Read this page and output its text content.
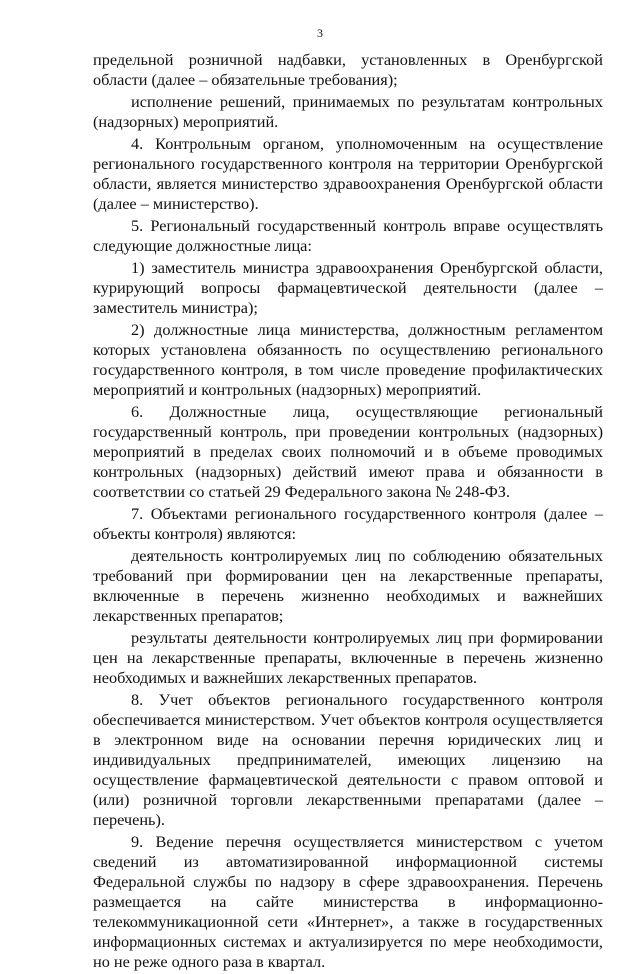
3

предельной розничной надбавки, установленных в Оренбургской области (далее – обязательные требования);

исполнение решений, принимаемых по результатам контрольных (надзорных) мероприятий.

4. Контрольным органом, уполномоченным на осуществление регионального государственного контроля на территории Оренбургской области, является министерство здравоохранения Оренбургской области (далее – министерство).

5. Региональный государственный контроль вправе осуществлять следующие должностные лица:

1) заместитель министра здравоохранения Оренбургской области, курирующий вопросы фармацевтической деятельности (далее – заместитель министра);

2) должностные лица министерства, должностным регламентом которых установлена обязанность по осуществлению регионального государственного контроля, в том числе проведение профилактических мероприятий и контрольных (надзорных) мероприятий.

6. Должностные лица, осуществляющие региональный государственный контроль, при проведении контрольных (надзорных) мероприятий в пределах своих полномочий и в объеме проводимых контрольных (надзорных) действий имеют права и обязанности в соответствии со статьей 29 Федерального закона № 248-ФЗ.

7. Объектами регионального государственного контроля (далее – объекты контроля) являются:

деятельность контролируемых лиц по соблюдению обязательных требований при формировании цен на лекарственные препараты, включенные в перечень жизненно необходимых и важнейших лекарственных препаратов;

результаты деятельности контролируемых лиц при формировании цен на лекарственные препараты, включенные в перечень жизненно необходимых и важнейших лекарственных препаратов.

8. Учет объектов регионального государственного контроля обеспечивается министерством. Учет объектов контроля осуществляется в электронном виде на основании перечня юридических лиц и индивидуальных предпринимателей, имеющих лицензию на осуществление фармацевтической деятельности с правом оптовой и (или) розничной торговли лекарственными препаратами (далее – перечень).

9. Ведение перечня осуществляется министерством с учетом сведений из автоматизированной информационной системы Федеральной службы по надзору в сфере здравоохранения. Перечень размещается на сайте министерства в информационно-телекоммуникационной сети «Интернет», а также в государственных информационных системах и актуализируется по мере необходимости, но не реже одного раза в квартал.
